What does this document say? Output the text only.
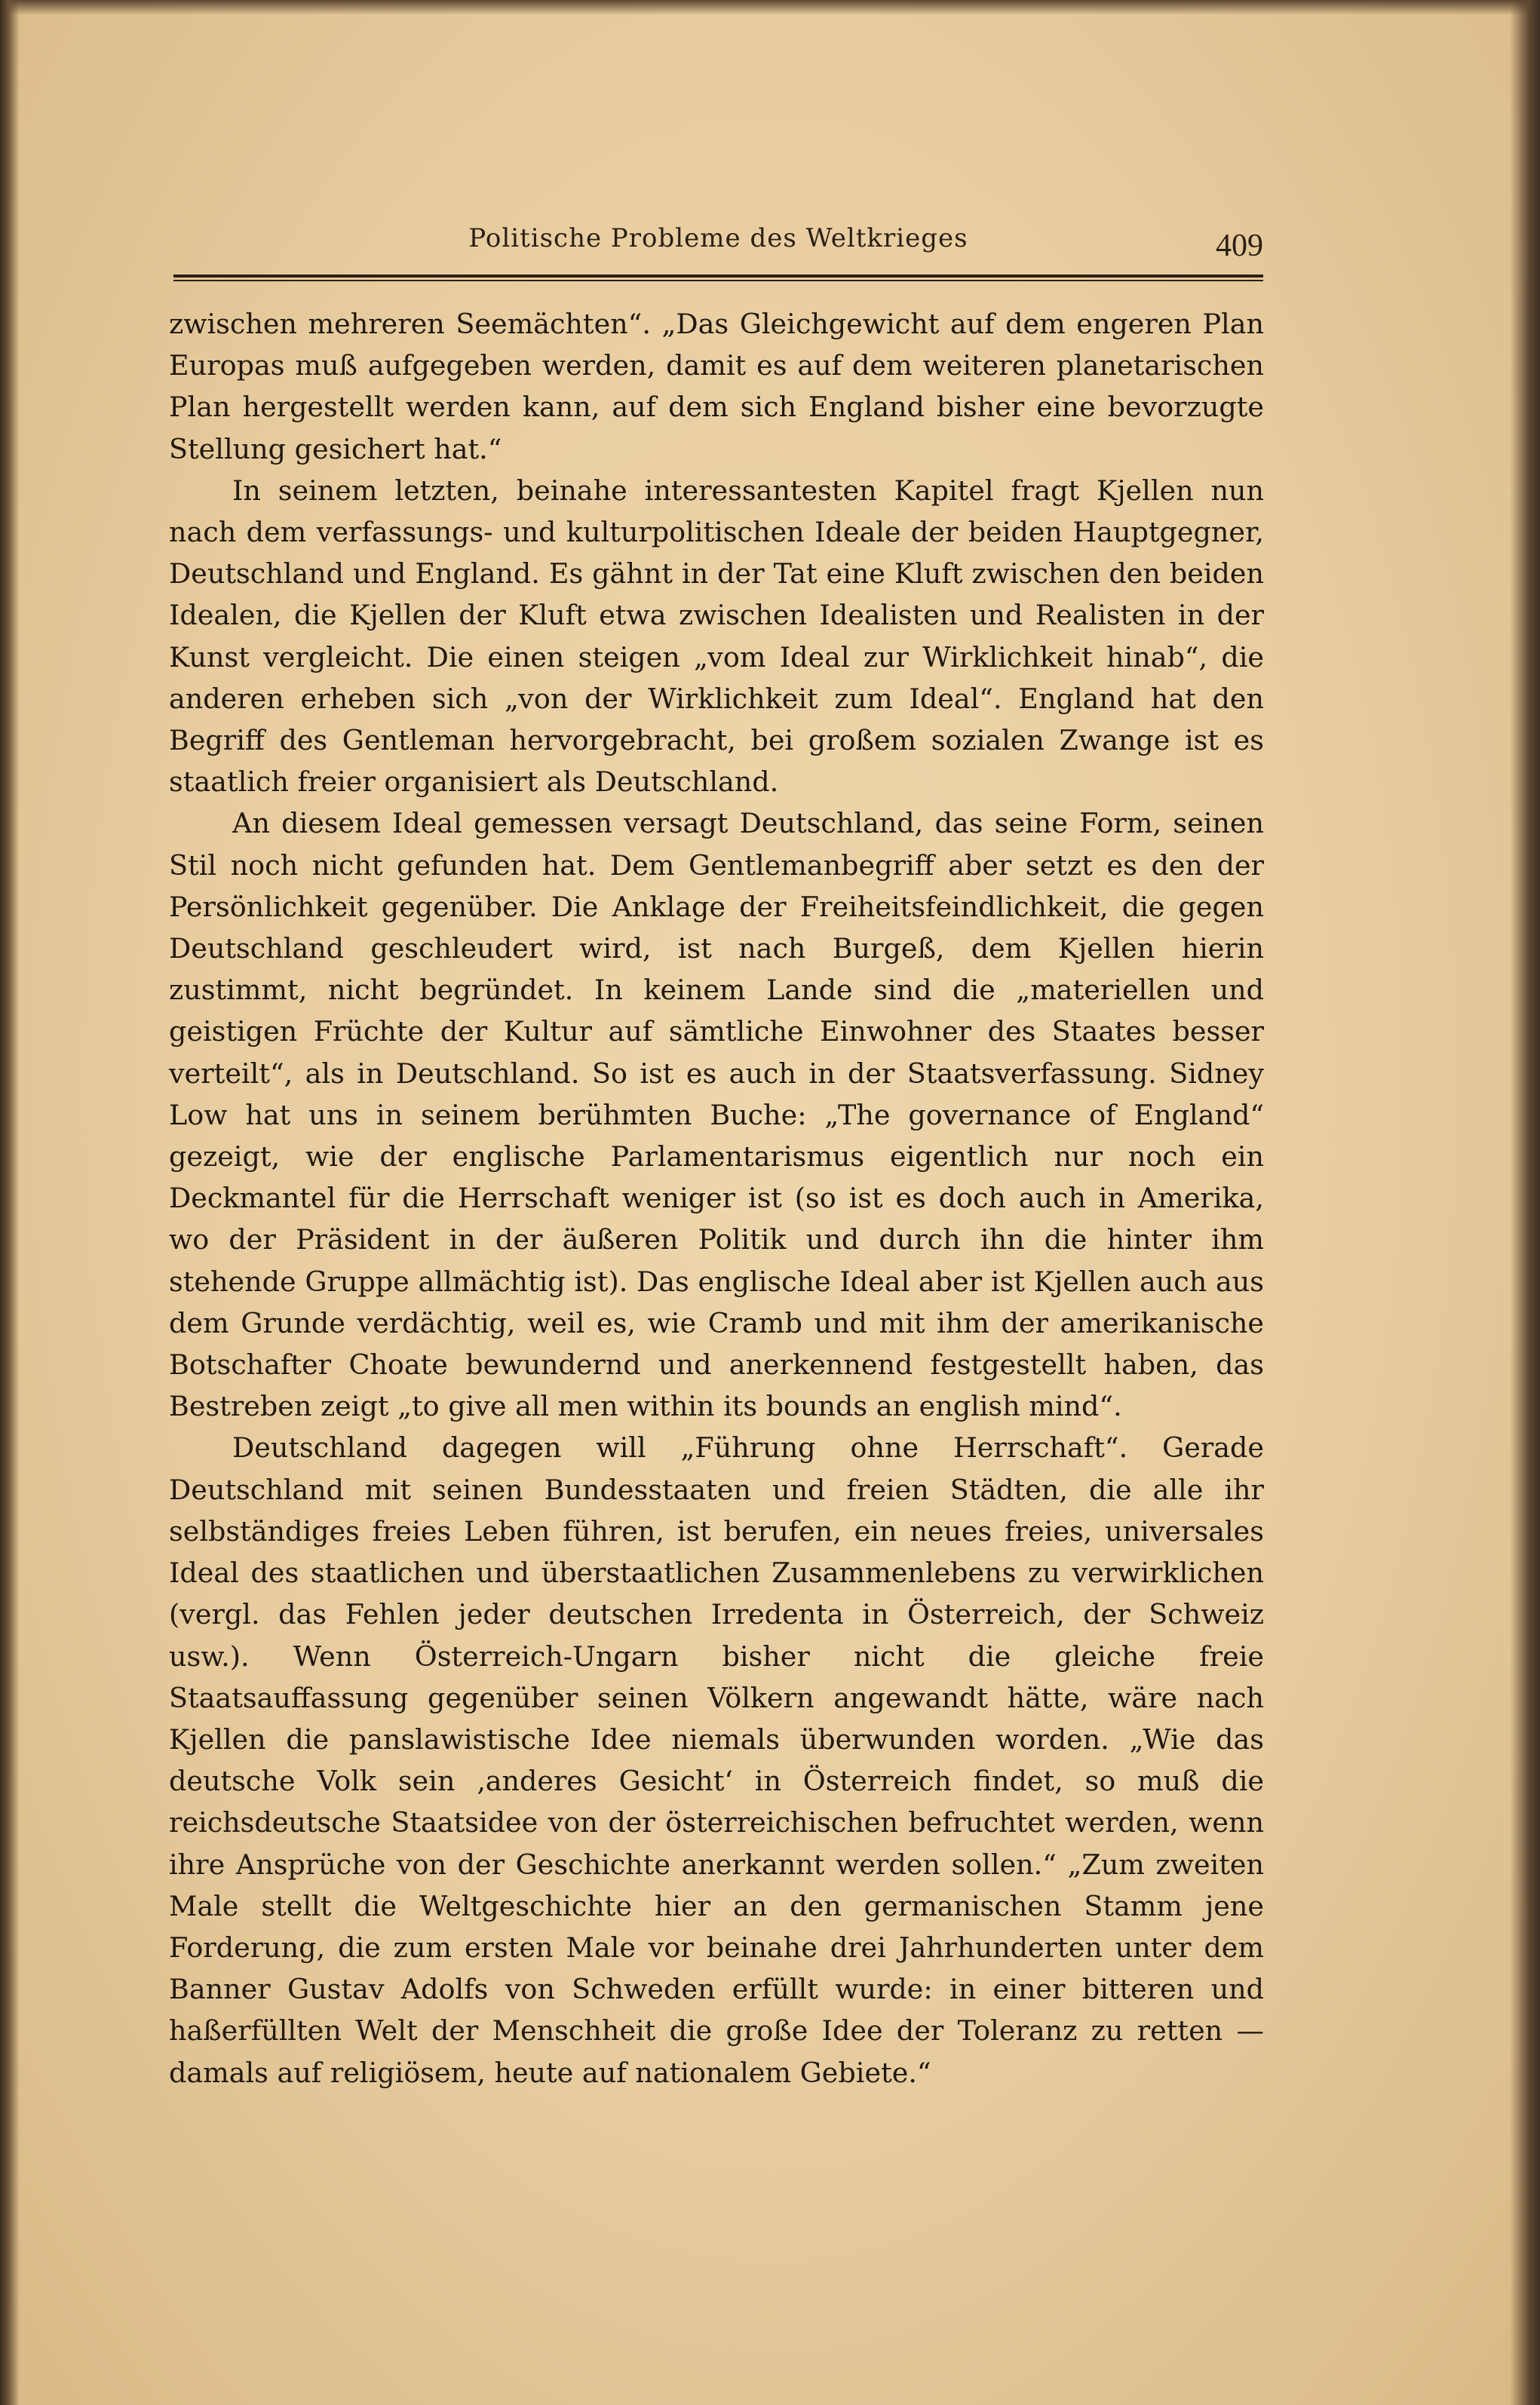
Politische Probleme des Weltkrieges	409

zwischen mehreren Seemächten“. „Das Gleichgewicht auf dem engeren Plan Europas muß aufgegeben werden, damit es auf dem weiteren planetarischen Plan hergestellt werden kann, auf dem sich England bisher eine bevorzugte Stellung gesichert hat.“

In seinem letzten, beinahe interessantesten Kapitel fragt Kjellen nun nach dem verfassungs- und kulturpolitischen Ideale der beiden Hauptgegner, Deutschland und England. Es gähnt in der Tat eine Kluft zwischen den beiden Idealen, die Kjellen der Kluft etwa zwischen Idealisten und Realisten in der Kunst vergleicht. Die einen steigen „vom Ideal zur Wirklichkeit hinab“, die anderen erheben sich „von der Wirklichkeit zum Ideal“. England hat den Begriff des Gentleman hervorgebracht, bei großem sozialen Zwange ist es staatlich freier organisiert als Deutschland.

An diesem Ideal gemessen versagt Deutschland, das seine Form, seinen Stil noch nicht gefunden hat. Dem Gentlemanbegriff aber setzt es den der Persönlichkeit gegenüber. Die Anklage der Freiheitsfeindlichkeit, die gegen Deutschland geschleudert wird, ist nach Burgeß, dem Kjellen hierin zustimmt, nicht begründet. In keinem Lande sind die „materiellen und geistigen Früchte der Kultur auf sämtliche Einwohner des Staates besser verteilt“, als in Deutschland. So ist es auch in der Staatsverfassung. Sidney Low hat uns in seinem berühmten Buche: „The governance of England“ gezeigt, wie der englische Parlamentarismus eigentlich nur noch ein Deckmantel für die Herrschaft weniger ist (so ist es doch auch in Amerika, wo der Präsident in der äußeren Politik und durch ihn die hinter ihm stehende Gruppe allmächtig ist). Das englische Ideal aber ist Kjellen auch aus dem Grunde verdächtig, weil es, wie Cramb und mit ihm der amerikanische Botschafter Choate bewundernd und anerkennend festgestellt haben, das Bestreben zeigt „to give all men within its bounds an english mind“.

Deutschland dagegen will „Führung ohne Herrschaft“. Gerade Deutschland mit seinen Bundesstaaten und freien Städten, die alle ihr selbständiges freies Leben führen, ist berufen, ein neues freies, universales Ideal des staatlichen und überstaatlichen Zusammenlebens zu verwirklichen (vergl. das Fehlen jeder deutschen Irredenta in Österreich, der Schweiz usw.). Wenn Österreich-Ungarn bisher nicht die gleiche freie Staatsauffassung gegenüber seinen Völkern angewandt hätte, wäre nach Kjellen die panslawistische Idee niemals überwunden worden. „Wie das deutsche Volk sein ‚anderes Gesicht‘ in Österreich findet, so muß die reichsdeutsche Staatsidee von der österreichischen befruchtet werden, wenn ihre Ansprüche von der Geschichte anerkannt werden sollen.“ „Zum zweiten Male stellt die Weltgeschichte hier an den germanischen Stamm jene Forderung, die zum ersten Male vor beinahe drei Jahrhunderten unter dem Banner Gustav Adolfs von Schweden erfüllt wurde: in einer bitteren und haßerfüllten Welt der Menschheit die große Idee der Toleranz zu retten — damals auf religiösem, heute auf nationalem Gebiete.“
